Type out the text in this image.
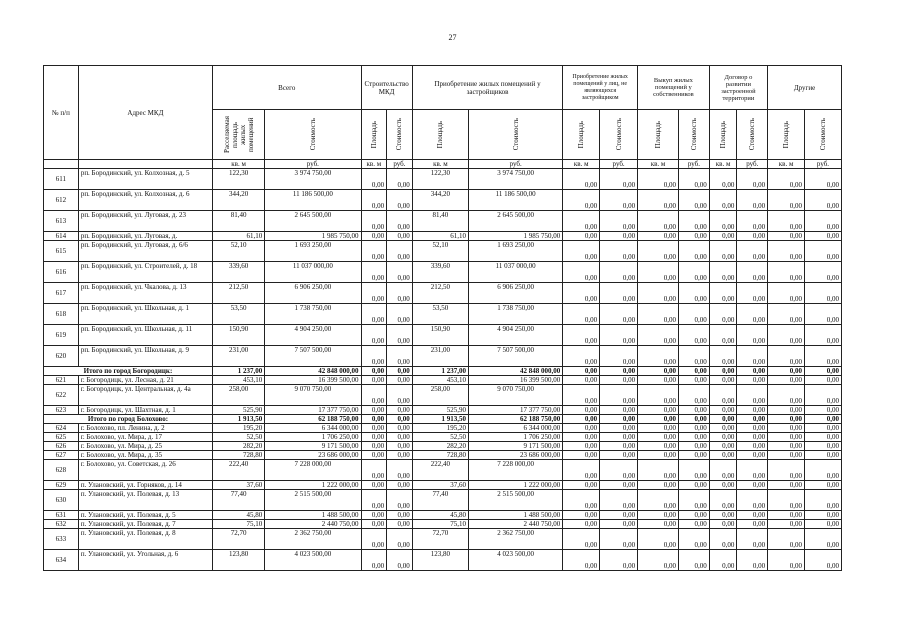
27
№ п/п	Адрес МКД	Всего		Строительство МКД		Приобретение жилых помещений у застройщиков		Приобретение жилых помещений у лиц, не являющихся застройщиком		Выкуп жилых помещений у собственников		Договор о развитии застроенной территории		Другие	

		Расселяемая площадь жилых помещений	Стоимость	Площадь	Стоимость	Площадь	Стоимость	Площадь	Стоимость	Площадь	Стоимость	Площадь	Стоимость	Площадь	Стоимость

		кв. м	руб.	кв. м	руб.	кв. м	руб.	кв. м	руб.	кв. м	руб.	кв. м	руб.	кв. м	руб.
611	рп. Бородинский, ул. Колхозная, д. 5	122,30	3 974 750,00	0,00	0,00	122,30	3 974 750,00	0,00	0,00	0,00	0,00	0,00	0,00	0,00	0,00
612	рп. Бородинский, ул. Колхозная, д. 6	344,20	11 186 500,00	0,00	0,00	344,20	11 186 500,00	0,00	0,00	0,00	0,00	0,00	0,00	0,00	0,00
613	рп. Бородинский, ул. Луговая, д. 23	81,40	2 645 500,00	0,00	0,00	81,40	2 645 500,00	0,00	0,00	0,00	0,00	0,00	0,00	0,00	0,00
614	рп. Бородинский, ул. Луговая, д.	61,10	1 985 750,00	0,00	0,00	61,10	1 985 750,00	0,00	0,00	0,00	0,00	0,00	0,00	0,00	0,00
615	рп. Бородинский, ул. Луговая, д. 6/6	52,10	1 693 250,00	0,00	0,00	52,10	1 693 250,00	0,00	0,00	0,00	0,00	0,00	0,00	0,00	0,00
616	рп. Бородинский, ул. Строителей, д. 18	339,60	11 037 000,00	0,00	0,00	339,60	11 037 000,00	0,00	0,00	0,00	0,00	0,00	0,00	0,00	0,00
617	рп. Бородинский, ул. Чкалова, д. 13	212,50	6 906 250,00	0,00	0,00	212,50	6 906 250,00	0,00	0,00	0,00	0,00	0,00	0,00	0,00	0,00
618	рп. Бородинский, ул. Школьная, д. 1	53,50	1 738 750,00	0,00	0,00	53,50	1 738 750,00	0,00	0,00	0,00	0,00	0,00	0,00	0,00	0,00
619	рп. Бородинский, ул. Школьная, д. 11	150,90	4 904 250,00	0,00	0,00	150,90	4 904 250,00	0,00	0,00	0,00	0,00	0,00	0,00	0,00	0,00
620	рп. Бородинский, ул. Школьная, д. 9	231,00	7 507 500,00	0,00	0,00	231,00	7 507 500,00	0,00	0,00	0,00	0,00	0,00	0,00	0,00	0,00
Итого по город Богородицк:		1 237,00	42 848 000,00	0,00	0,00	1 237,00	42 848 000,00	0,00	0,00	0,00	0,00	0,00	0,00	0,00	0,00
621	г. Богородицк, ул. Лесная, д. 21	453,10	16 399 500,00	0,00	0,00	453,10	16 399 500,00	0,00	0,00	0,00	0,00	0,00	0,00	0,00	0,00
622	г. Богородицк, ул. Центральная, д. 4а	258,00	9 070 750,00	0,00	0,00	258,00	9 070 750,00	0,00	0,00	0,00	0,00	0,00	0,00	0,00	0,00
623	г. Богородицк, ул. Шахтная, д. 1	525,90	17 377 750,00	0,00	0,00	525,90	17 377 750,00	0,00	0,00	0,00	0,00	0,00	0,00	0,00	0,00
Итого по город Болохово:		1 913,50	62 188 750,00	0,00	0,00	1 913,50	62 188 750,00	0,00	0,00	0,00	0,00	0,00	0,00	0,00	0,00
624	г. Болохово, пл. Ленина, д. 2	195,20	6 344 000,00	0,00	0,00	195,20	6 344 000,00	0,00	0,00	0,00	0,00	0,00	0,00	0,00	0,00
625	г. Болохово, ул. Мира, д. 17	52,50	1 706 250,00	0,00	0,00	52,50	1 706 250,00	0,00	0,00	0,00	0,00	0,00	0,00	0,00	0,00
626	г. Болохово, ул. Мира, д. 25	282,20	9 171 500,00	0,00	0,00	282,20	9 171 500,00	0,00	0,00	0,00	0,00	0,00	0,00	0,00	0,00
627	г. Болохово, ул. Мира, д. 35	728,80	23 686 000,00	0,00	0,00	728,80	23 686 000,00	0,00	0,00	0,00	0,00	0,00	0,00	0,00	0,00
628	г. Болохово, ул. Советская, д. 26	222,40	7 228 000,00	0,00	0,00	222,40	7 228 000,00	0,00	0,00	0,00	0,00	0,00	0,00	0,00	0,00
629	п. Улановский, ул. Горняков, д. 14	37,60	1 222 000,00	0,00	0,00	37,60	1 222 000,00	0,00	0,00	0,00	0,00	0,00	0,00	0,00	0,00
630	п. Улановский, ул. Полевая, д. 13	77,40	2 515 500,00	0,00	0,00	77,40	2 515 500,00	0,00	0,00	0,00	0,00	0,00	0,00	0,00	0,00
631	п. Улановский, ул. Полевая, д. 5	45,80	1 488 500,00	0,00	0,00	45,80	1 488 500,00	0,00	0,00	0,00	0,00	0,00	0,00	0,00	0,00
632	п. Улановский, ул. Полевая, д. 7	75,10	2 440 750,00	0,00	0,00	75,10	2 440 750,00	0,00	0,00	0,00	0,00	0,00	0,00	0,00	0,00
633	п. Улановский, ул. Полевая, д. 8	72,70	2 362 750,00	0,00	0,00	72,70	2 362 750,00	0,00	0,00	0,00	0,00	0,00	0,00	0,00	0,00
634	п. Улановский, ул. Угольная, д. 6	123,80	4 023 500,00	0,00	0,00	123,80	4 023 500,00	0,00	0,00	0,00	0,00	0,00	0,00	0,00	0,00
